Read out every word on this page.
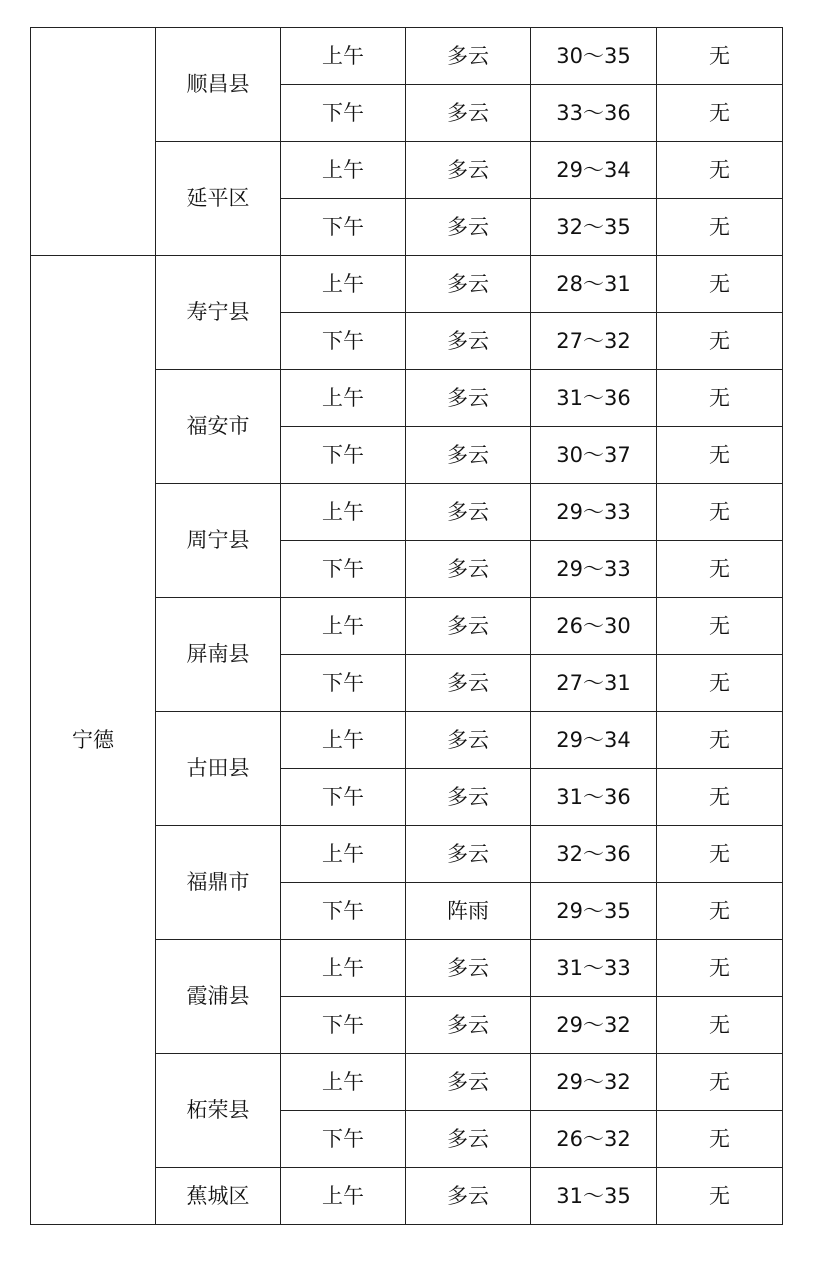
	顺昌县	上午	多云	30～35	无
		下午	多云	33～36	无
	延平区	上午	多云	29～34	无
		下午	多云	32～35	无
宁德	寿宁县	上午	多云	28～31	无
		下午	多云	27～32	无
	福安市	上午	多云	31～36	无
		下午	多云	30～37	无
	周宁县	上午	多云	29～33	无
		下午	多云	29～33	无
	屏南县	上午	多云	26～30	无
		下午	多云	27～31	无
	古田县	上午	多云	29～34	无
		下午	多云	31～36	无
	福鼎市	上午	多云	32～36	无
		下午	阵雨	29～35	无
	霞浦县	上午	多云	31～33	无
		下午	多云	29～32	无
	柘荣县	上午	多云	29～32	无
		下午	多云	26～32	无
	蕉城区	上午	多云	31～35	无
